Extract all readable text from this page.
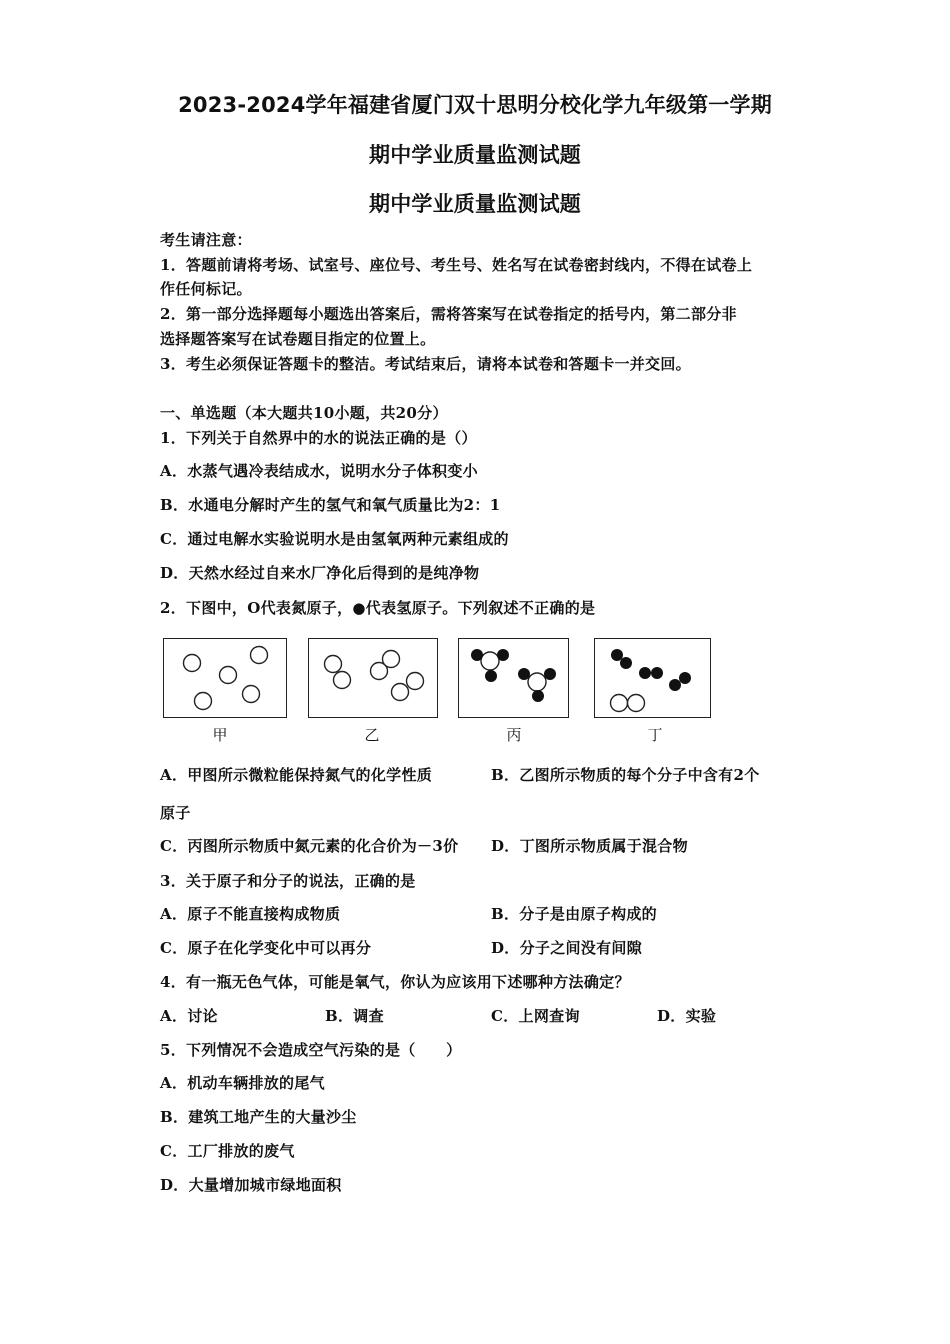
2023-2024学年福建省厦门双十思明分校化学九年级第一学期
期中学业质量监测试题
期中学业质量监测试题
考生请注意：
1．答题前请将考场、试室号、座位号、考生号、姓名写在试卷密封线内，不得在试卷上
作任何标记。
2．第一部分选择题每小题选出答案后，需将答案写在试卷指定的括号内，第二部分非
选择题答案写在试卷题目指定的位置上。
3．考生必须保证答题卡的整洁。考试结束后，请将本试卷和答题卡一并交回。
一、单选题（本大题共10小题，共20分）
1．下列关于自然界中的水的说法正确的是（）
A．水蒸气遇冷表结成水，说明水分子体积变小
B．水通电分解时产生的氢气和氧气质量比为2：1
C．通过电解水实验说明水是由氢氧两种元素组成的
D．天然水经过自来水厂净化后得到的是纯净物
2．下图中，O代表氮原子，●代表氢原子。下列叙述不正确的是
甲	乙	丙	丁
A．甲图所示微粒能保持氮气的化学性质	B．乙图所示物质的每个分子中含有2个
原子
C．丙图所示物质中氮元素的化合价为－3价 D．丁图所示物质属于混合物
3．关于原子和分子的说法，正确的是
A．原子不能直接构成物质	B．分子是由原子构成的
C．原子在化学变化中可以再分	D．分子之间没有间隙
4．有一瓶无色气体，可能是氧气，你认为应该用下述哪种方法确定？
A．讨论	B．调查	C．上网查询	D．实验
5．下列情况不会造成空气污染的是（　　）
A．机动车辆排放的尾气
B．建筑工地产生的大量沙尘
C．工厂排放的废气
D．大量增加城市绿地面积
